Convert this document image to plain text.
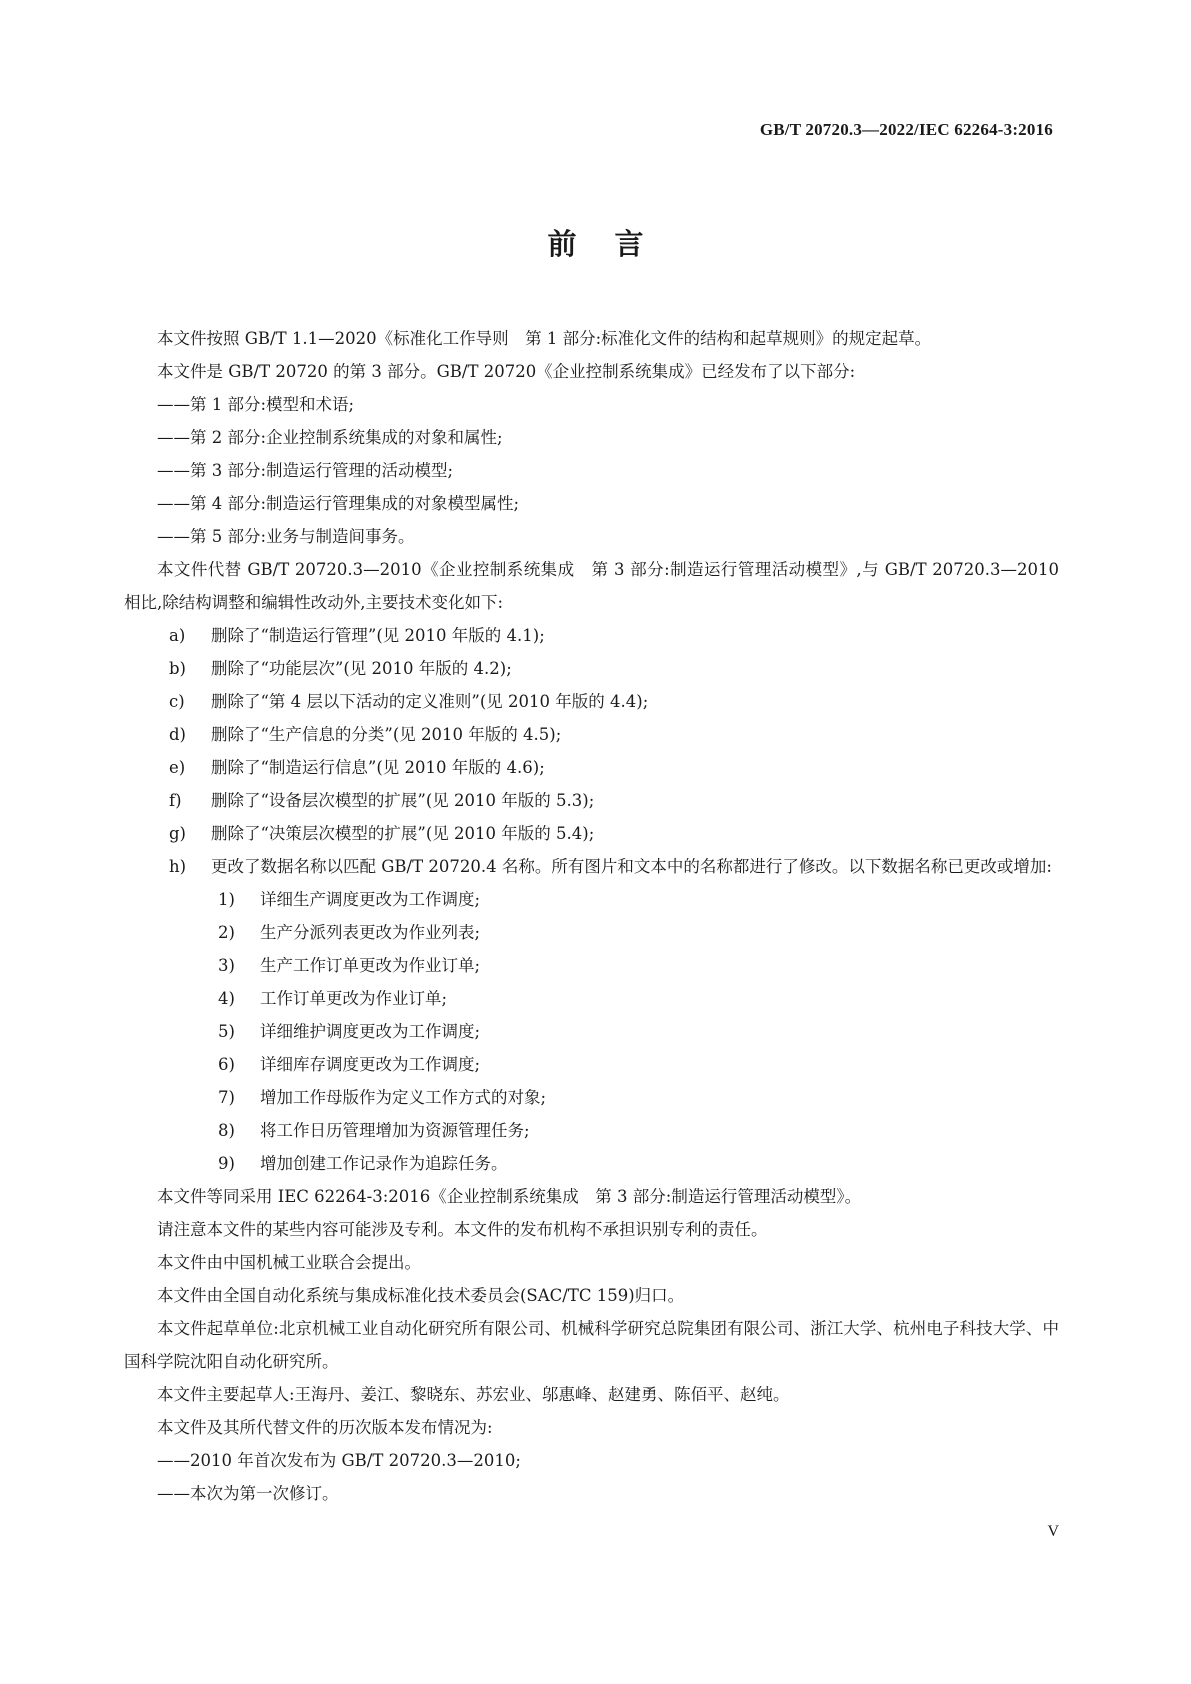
GB/T 20720.3—2022/IEC 62264-3:2016
前言
本文件按照 GB/T 1.1—2020《标准化工作导则　第 1 部分:标准化文件的结构和起草规则》的规定起草。
本文件是 GB/T 20720 的第 3 部分。GB/T 20720《企业控制系统集成》已经发布了以下部分:
——第 1 部分:模型和术语;
——第 2 部分:企业控制系统集成的对象和属性;
——第 3 部分:制造运行管理的活动模型;
——第 4 部分:制造运行管理集成的对象模型属性;
——第 5 部分:业务与制造间事务。
本文件代替 GB/T 20720.3—2010《企业控制系统集成　第 3 部分:制造运行管理活动模型》,与 GB/T 20720.3—2010 相比,除结构调整和编辑性改动外,主要技术变化如下:
a)	删除了“制造运行管理”(见 2010 年版的 4.1);
b)	删除了“功能层次”(见 2010 年版的 4.2);
c)	删除了“第 4 层以下活动的定义准则”(见 2010 年版的 4.4);
d)	删除了“生产信息的分类”(见 2010 年版的 4.5);
e)	删除了“制造运行信息”(见 2010 年版的 4.6);
f)	删除了“设备层次模型的扩展”(见 2010 年版的 5.3);
g)	删除了“决策层次模型的扩展”(见 2010 年版的 5.4);
h)	更改了数据名称以匹配 GB/T 20720.4 名称。所有图片和文本中的名称都进行了修改。以下数据名称已更改或增加:
1)	详细生产调度更改为工作调度;
2)	生产分派列表更改为作业列表;
3)	生产工作订单更改为作业订单;
4)	工作订单更改为作业订单;
5)	详细维护调度更改为工作调度;
6)	详细库存调度更改为工作调度;
7)	增加工作母版作为定义工作方式的对象;
8)	将工作日历管理增加为资源管理任务;
9)	增加创建工作记录作为追踪任务。
本文件等同采用 IEC 62264-3:2016《企业控制系统集成　第 3 部分:制造运行管理活动模型》。
请注意本文件的某些内容可能涉及专利。本文件的发布机构不承担识别专利的责任。
本文件由中国机械工业联合会提出。
本文件由全国自动化系统与集成标准化技术委员会(SAC/TC 159)归口。
本文件起草单位:北京机械工业自动化研究所有限公司、机械科学研究总院集团有限公司、浙江大学、杭州电子科技大学、中国科学院沈阳自动化研究所。
本文件主要起草人:王海丹、姜江、黎晓东、苏宏业、邬惠峰、赵建勇、陈佰平、赵纯。
本文件及其所代替文件的历次版本发布情况为:
——2010 年首次发布为 GB/T 20720.3—2010;
——本次为第一次修订。
V
